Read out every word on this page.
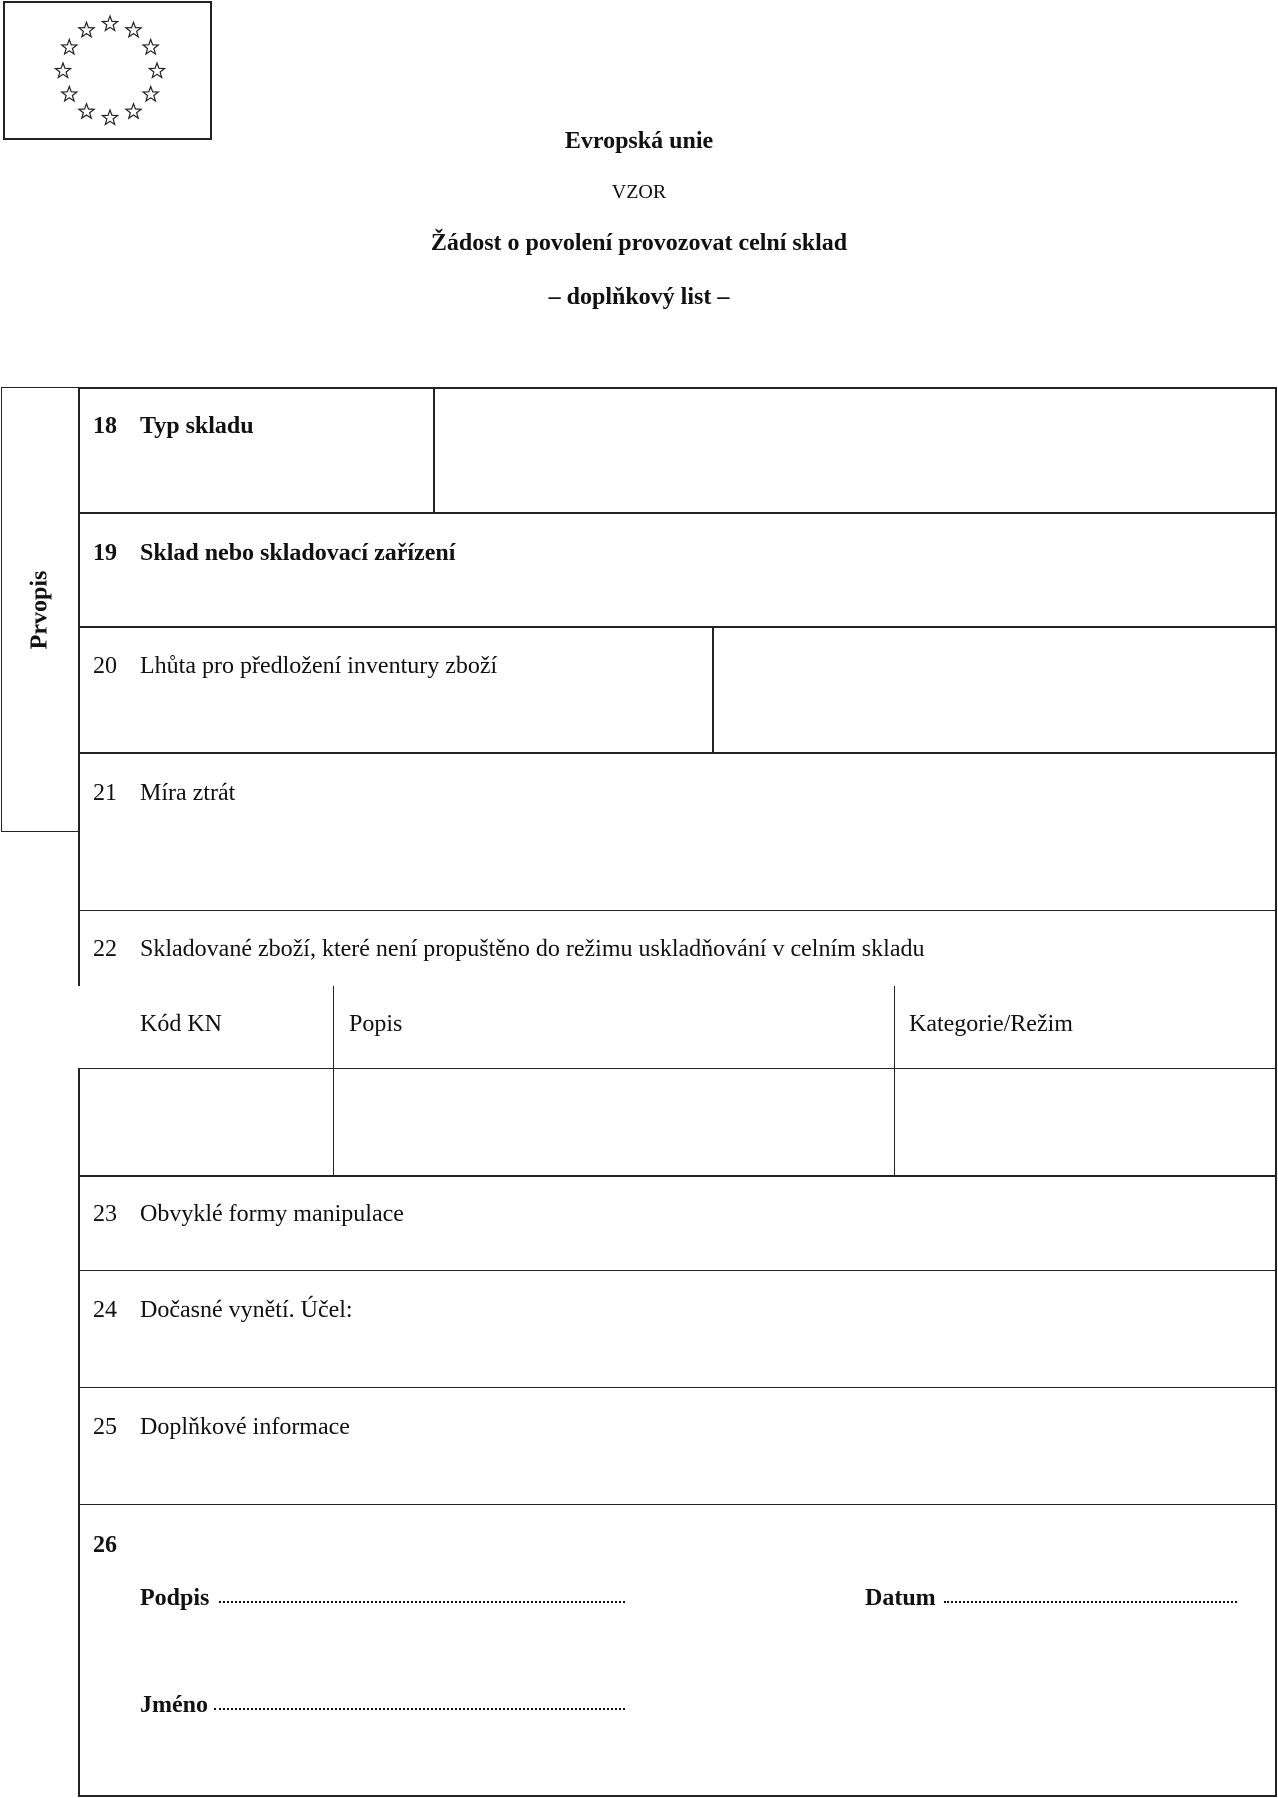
Evropská unie
VZOR
Žádost o povolení provozovat celní sklad
– doplňkový list –
Prvopis
18 Typ skladu
19 Sklad nebo skladovací zařízení
20 Lhůta pro předložení inventury zboží
21 Míra ztrát
22 Skladované zboží, které není propuštěno do režimu uskladňování v celním skladu
Kód KN	Popis	Kategorie/Režim
23 Obvyklé formy manipulace
24 Dočasné vynětí. Účel:
25 Doplňkové informace
26
Podpis	Datum
Jméno
